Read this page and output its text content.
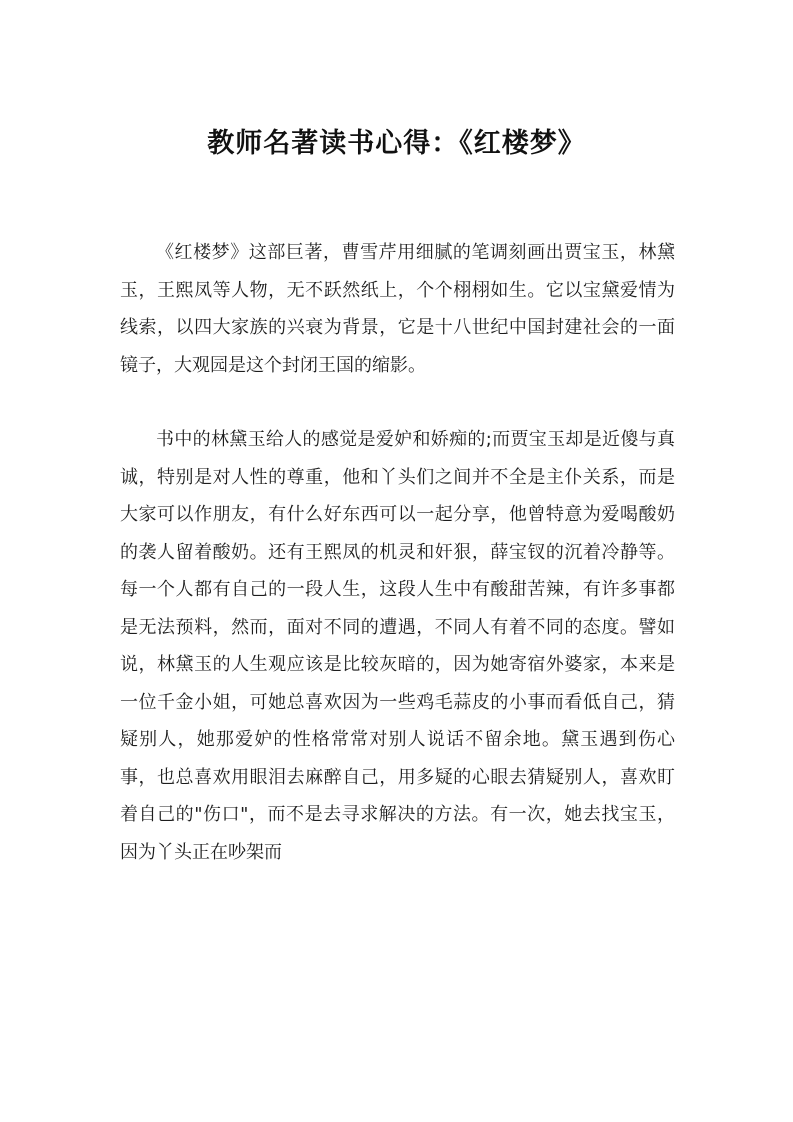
教师名著读书心得：《红楼梦》

《红楼梦》这部巨著，曹雪芹用细腻的笔调刻画出贾宝玉，林黛玉，王熙凤等人物，无不跃然纸上，个个栩栩如生。它以宝黛爱情为线索，以四大家族的兴衰为背景，它是十八世纪中国封建社会的一面镜子，大观园是这个封闭王国的缩影。

书中的林黛玉给人的感觉是爱妒和娇痴的;而贾宝玉却是近傻与真诚，特别是对人性的尊重，他和丫头们之间并不全是主仆关系，而是大家可以作朋友，有什么好东西可以一起分享，他曾特意为爱喝酸奶的袭人留着酸奶。还有王熙凤的机灵和奸狠，薛宝钗的沉着冷静等。每一个人都有自己的一段人生，这段人生中有酸甜苦辣，有许多事都是无法预料，然而，面对不同的遭遇，不同人有着不同的态度。譬如说，林黛玉的人生观应该是比较灰暗的，因为她寄宿外婆家，本来是一位千金小姐，可她总喜欢因为一些鸡毛蒜皮的小事而看低自己，猜疑别人，她那爱妒的性格常常对别人说话不留余地。黛玉遇到伤心事，也总喜欢用眼泪去麻醉自己，用多疑的心眼去猜疑别人，喜欢盯着自己的"伤口"，而不是去寻求解决的方法。有一次，她去找宝玉，因为丫头正在吵架而
